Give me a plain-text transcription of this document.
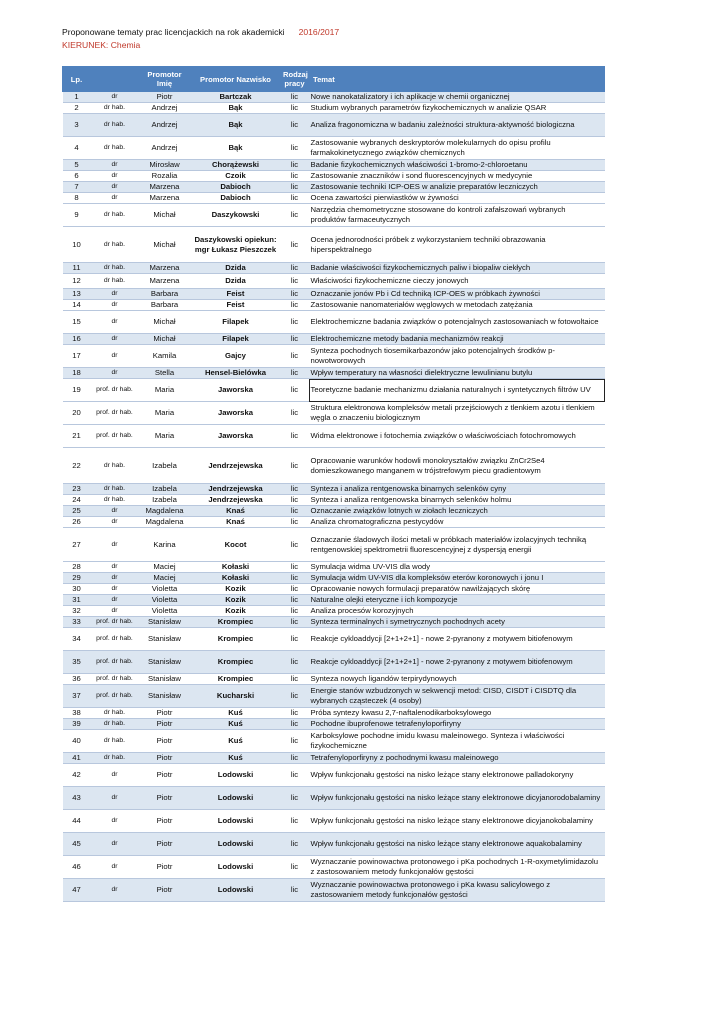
Proponowane tematy prac licencjackich na rok akademicki 2016/2017
KIERUNEK: Chemia
Lp.		Promotor Imię	Promotor Nazwisko	Rodzaj pracy	Temat
1	dr	Piotr	Bartczak	lic	Nowe nanokatalizatory i ich aplikacje w chemii organicznej
2	dr hab.	Andrzej	Bąk	lic	Studium wybranych parametrów fizykochemicznych w analizie QSAR
3	dr hab.	Andrzej	Bąk	lic	Analiza fragonomiczna w badaniu zależności struktura-aktywność biologiczna
4	dr hab.	Andrzej	Bąk	lic	Zastosowanie wybranych deskryptorów molekularnych do opisu profilu farmakokinetycznego związków chemicznych
5	dr	Mirosław	Chorążewski	lic	Badanie fizykochemicznych właściwości 1-bromo-2-chloroetanu
6	dr	Rozalia	Czoik	lic	Zastosowanie znaczników i sond fluorescencyjnych w medycynie
7	dr	Marzena	Dabioch	lic	Zastosowanie techniki ICP-OES w analizie preparatów leczniczych
8	dr	Marzena	Dabioch	lic	Ocena zawartości pierwiastków w żywności
9	dr hab.	Michał	Daszykowski	lic	Narzędzia chemometryczne stosowane do kontroli zafałszowań wybranych produktów farmaceutycznych
10	dr hab.	Michał	Daszykowski opiekun: mgr Łukasz Pieszczek	lic	Ocena jednorodności próbek z wykorzystaniem techniki obrazowania hiperspektralnego
11	dr hab.	Marzena	Dzida	lic	Badanie właściwości fizykochemicznych paliw i biopaliw ciekłych
12	dr hab.	Marzena	Dzida	lic	Właściwości fizykochemiczne cieczy jonowych
13	dr	Barbara	Feist	lic	Oznaczanie jonów Pb i Cd techniką ICP-OES w próbkach żywności
14	dr	Barbara	Feist	lic	Zastosowanie nanomateriałów węglowych w metodach zatężania
15	dr	Michał	Filapek	lic	Elektrochemiczne badania związków o potencjalnych zastosowaniach w fotowoltaice
16	dr	Michał	Filapek	lic	Elektrochemiczne metody badania mechanizmów reakcji
17	dr	Kamila	Gajcy	lic	Synteza pochodnych tiosemikarbazonów jako potencjalnych środków p-nowotworowych
18	dr	Stella	Hensel-Bielówka	lic	Wpływ temperatury na własności dielektryczne lewulinianu butylu
19	prof. dr hab.	Maria	Jaworska	lic	Teoretyczne badanie mechanizmu działania naturalnych i syntetycznych filtrów UV
20	prof. dr hab.	Maria	Jaworska	lic	Struktura elektronowa kompleksów metali przejściowych z tlenkiem azotu i tlenkiem węgla o znaczeniu biologicznym
21	prof. dr hab.	Maria	Jaworska	lic	Widma elektronowe i fotochemia związków o właściwościach fotochromowych
22	dr hab.	Izabela	Jendrzejewska	lic	Opracowanie warunków hodowli monokryształów związku ZnCr2Se4 domieszkowanego manganem w trójstrefowym piecu gradientowym
23	dr hab.	Izabela	Jendrzejewska	lic	Synteza i analiza rentgenowska binarnych selenków cyny
24	dr hab.	Izabela	Jendrzejewska	lic	Synteza i analiza rentgenowska binarnych selenków holmu
25	dr	Magdalena	Knaś	lic	Oznaczanie związków lotnych w ziołach leczniczych
26	dr	Magdalena	Knaś	lic	Analiza chromatograficzna pestycydów
27	dr	Karina	Kocot	lic	Oznaczanie śladowych ilości metali w próbkach materiałów izolacyjnych techniką rentgenowskiej spektrometrii fluorescencyjnej z dyspersją energii
28	dr	Maciej	Kołaski	lic	Symulacja widma UV-VIS dla wody
29	dr	Maciej	Kołaski	lic	Symulacja widm UV-VIS dla kompleksów eterów koronowych i jonu I
30	dr	Violetta	Kozik	lic	Opracowanie nowych formulacji preparatów nawilżających skórę
31	dr	Violetta	Kozik	lic	Naturalne olejki eteryczne i ich kompozycje
32	dr	Violetta	Kozik	lic	Analiza procesów korozyjnych
33	prof. dr hab.	Stanisław	Krompiec	lic	Synteza terminalnych i symetrycznych pochodnych acety
34	prof. dr hab.	Stanisław	Krompiec	lic	Reakcje cykloaddycji [2+1+2+1] - nowe 2-pyranony z motywem bitiofenowym
35	prof. dr hab.	Stanisław	Krompiec	lic	Reakcje cykloaddycji [2+1+2+1] - nowe 2-pyranony z motywem bitiofenowym
36	prof. dr hab.	Stanisław	Krompiec	lic	Synteza nowych ligandów terpirydynowych
37	prof. dr hab.	Stanisław	Kucharski	lic	Energie stanów wzbudzonych w sekwencji metod: CISD, CISDT i CISDTQ dla wybranych cząsteczek (4 osoby)
38	dr hab.	Piotr	Kuś	lic	Próba syntezy kwasu 2,7-naftalenodikarboksylowego
39	dr hab.	Piotr	Kuś	lic	Pochodne ibuprofenowe tetrafenyloporfiryny
40	dr hab.	Piotr	Kuś	lic	Karboksylowe pochodne imidu kwasu maleinowego. Synteza i właściwości fizykochemiczne
41	dr hab.	Piotr	Kuś	lic	Tetrafenyloporfiryny z pochodnymi kwasu maleinowego
42	dr	Piotr	Lodowski	lic	Wpływ funkcjonału gęstości na nisko leżące stany elektronowe palladokoryny
43	dr	Piotr	Lodowski	lic	Wpływ funkcjonału gęstości na nisko leżące stany elektronowe dicyjanorodobalaminy
44	dr	Piotr	Lodowski	lic	Wpływ funkcjonału gęstości na nisko leżące stany elektronowe dicyjanokobalaminy
45	dr	Piotr	Lodowski	lic	Wpływ funkcjonału gęstości na nisko leżące stany elektronowe aquakobalaminy
46	dr	Piotr	Lodowski	lic	Wyznaczanie powinowactwa protonowego i pKa pochodnych 1-R-oxymetylimidazolu z zastosowaniem metody funkcjonałów gęstości
47	dr	Piotr	Lodowski	lic	Wyznaczanie powinowactwa protonowego i pKa kwasu salicylowego z zastosowaniem metody funkcjonałów gęstości
